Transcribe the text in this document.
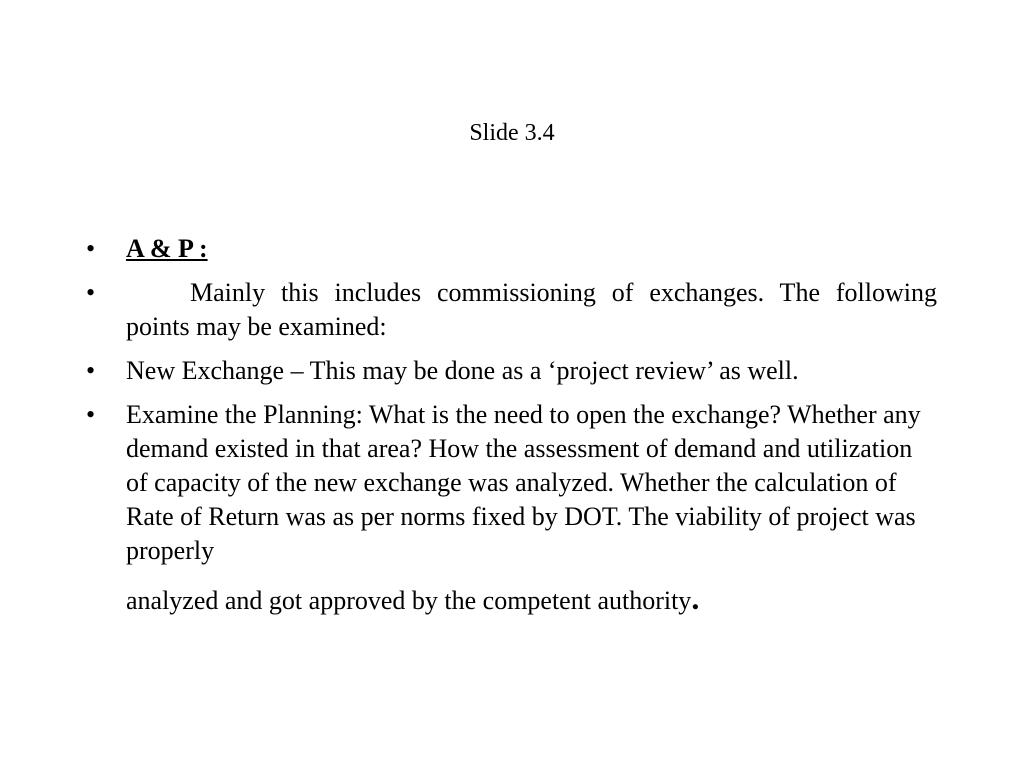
Slide 3.4
•	A & P :
•	Mainly this includes commissioning of exchanges. The following points may be examined:
•	New Exchange – This may be done as a ‘project review’ as well.
•	Examine the Planning: What is the need to open the exchange? Whether any demand existed in that area? How the assessment of demand and utilization of capacity of the new exchange was analyzed. Whether the calculation of Rate of Return was as per norms fixed by DOT. The viability of project was properly
analyzed and got approved by the competent authority.
